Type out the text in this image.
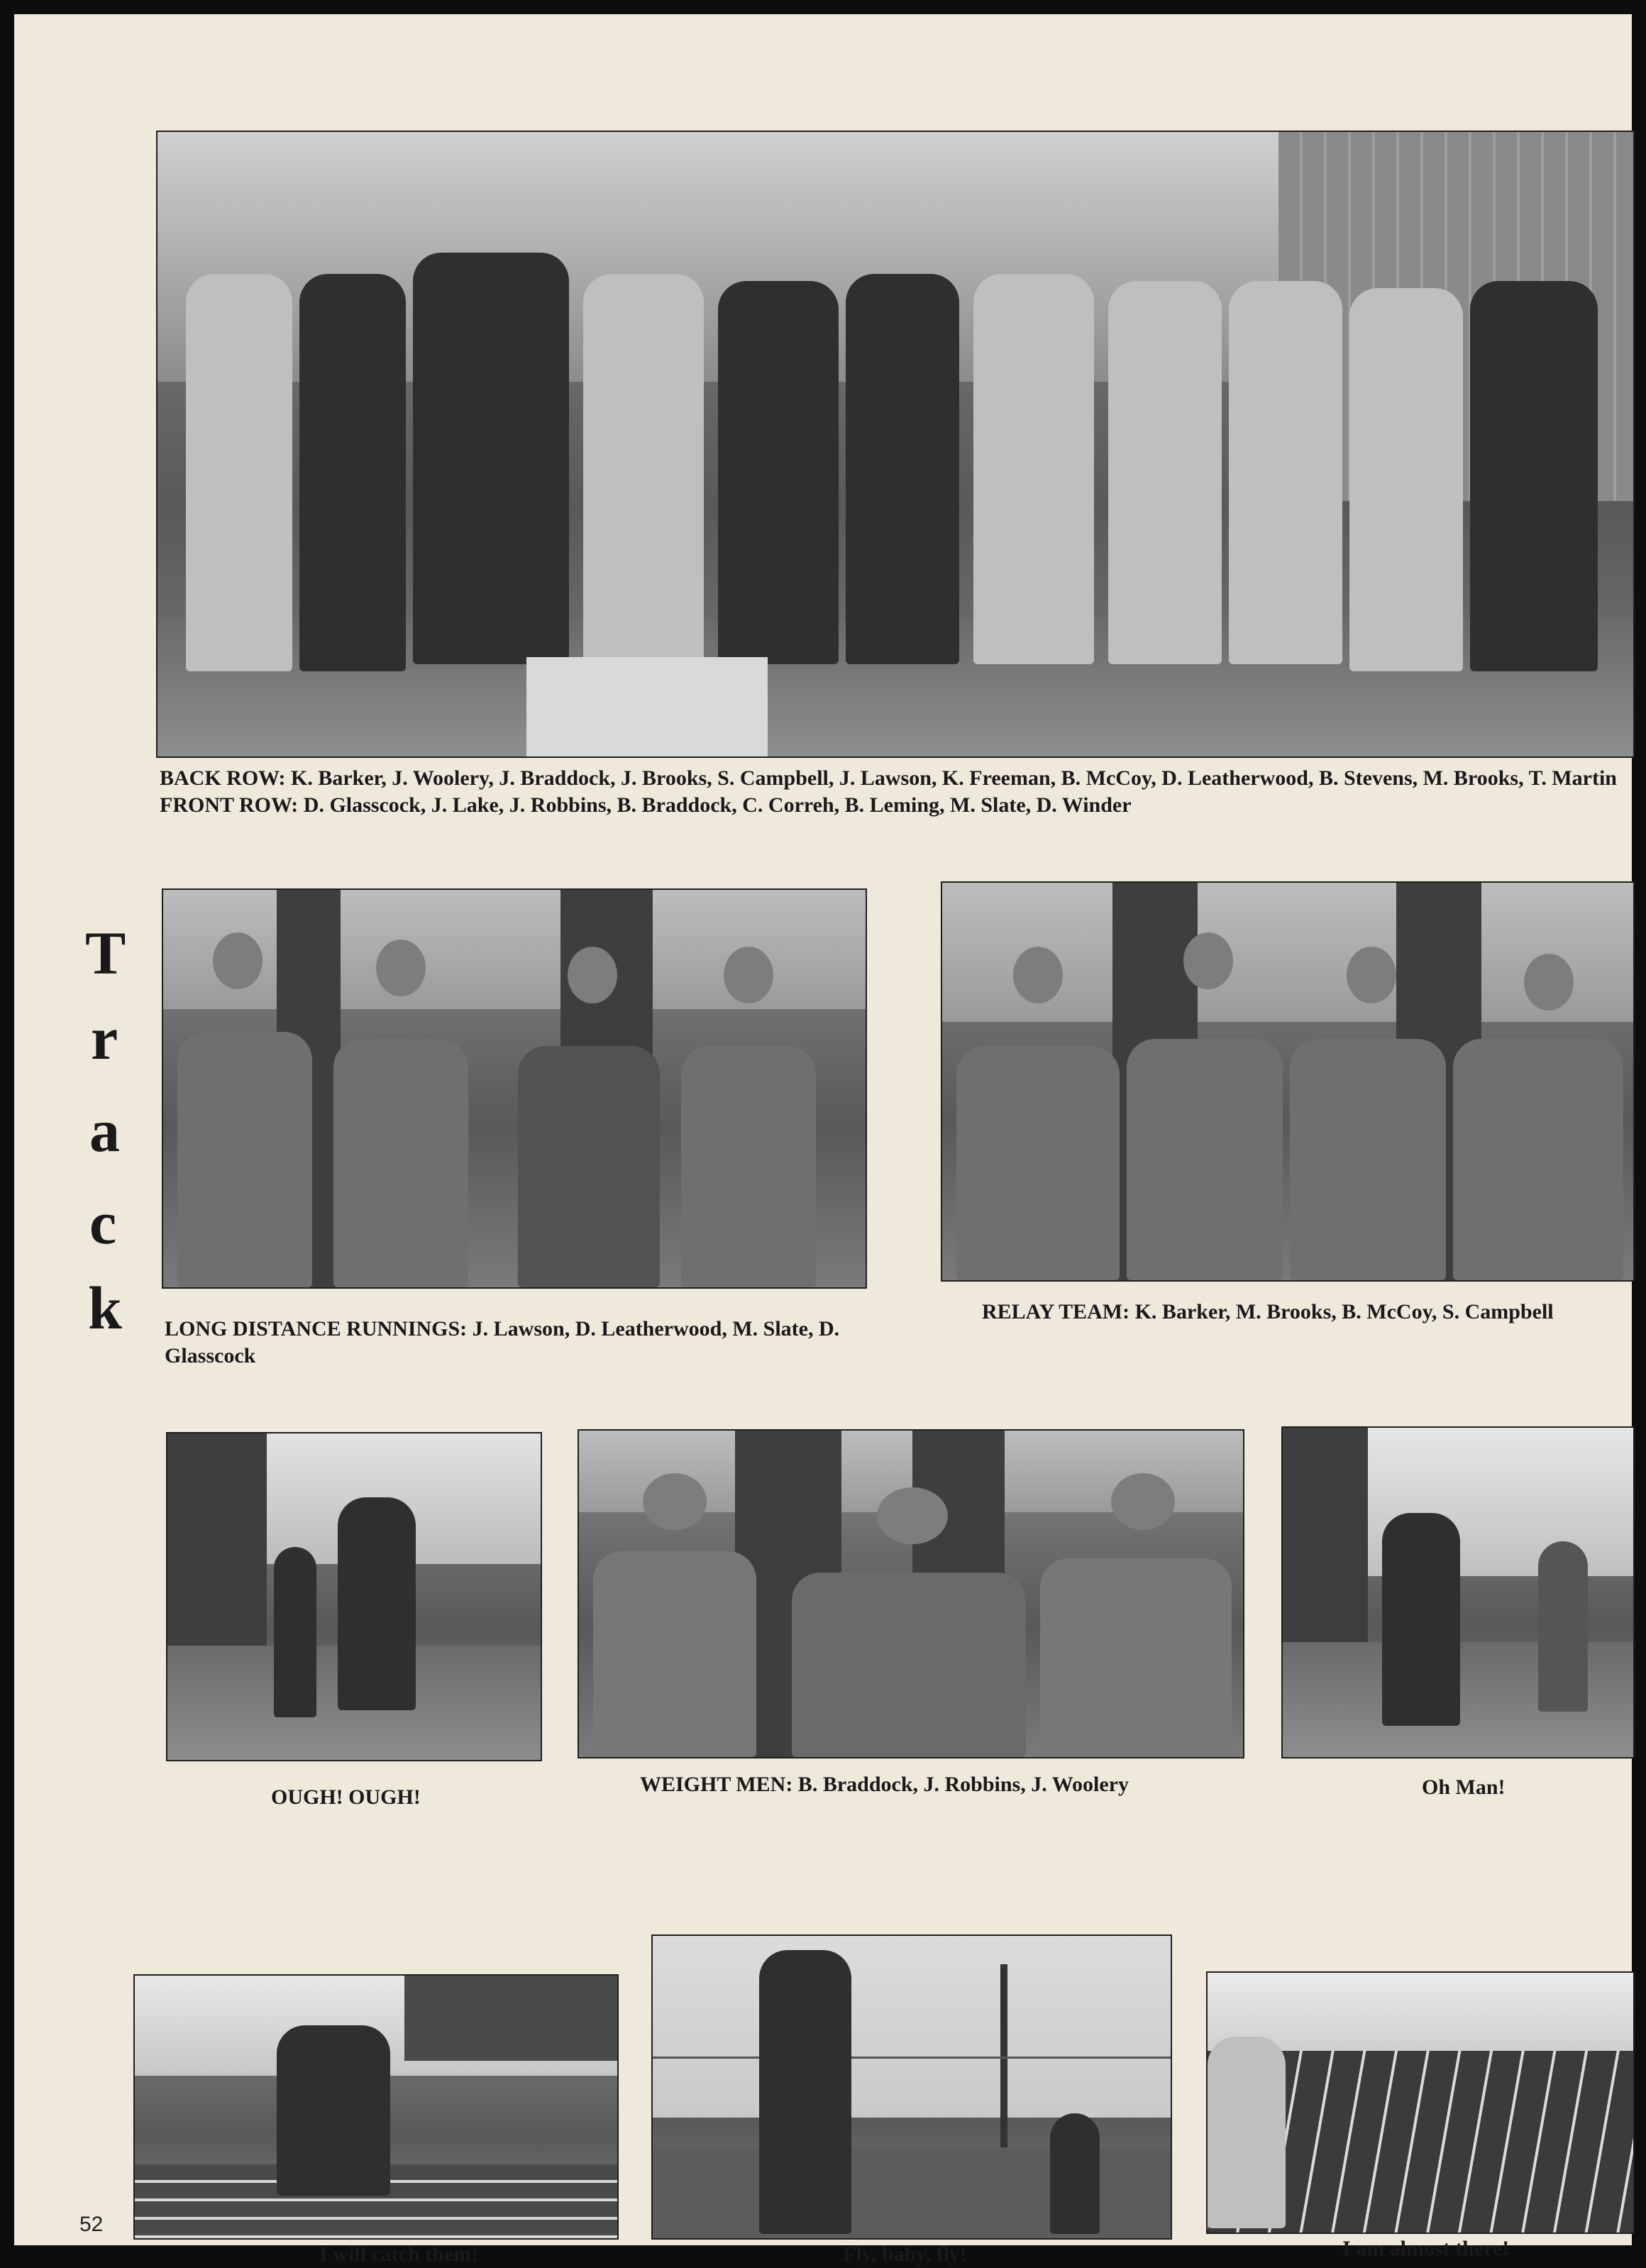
BACK ROW: K. Barker, J. Woolery, J. Braddock, J. Brooks, S. Campbell, J. Lawson, K. Freeman, B. McCoy, D. Leatherwood, B. Stevens, M. Brooks, T. Martin
FRONT ROW: D. Glasscock, J. Lake, J. Robbins, B. Braddock, C. Correh, B. Leming, M. Slate, D. Winder
T
r
a
c
k LONG DISTANCE RUNNINGS: J. Lawson, D. Leatherwood, M. Slate, D. Glasscock
RELAY TEAM: K. Barker, M. Brooks, B. McCoy, S. Campbell
OUGH! OUGH!
WEIGHT MEN: B. Braddock, J. Robbins, J. Woolery	Oh Man!
I will catch them!	Fly, baby, fly!	I am almost there!
52
